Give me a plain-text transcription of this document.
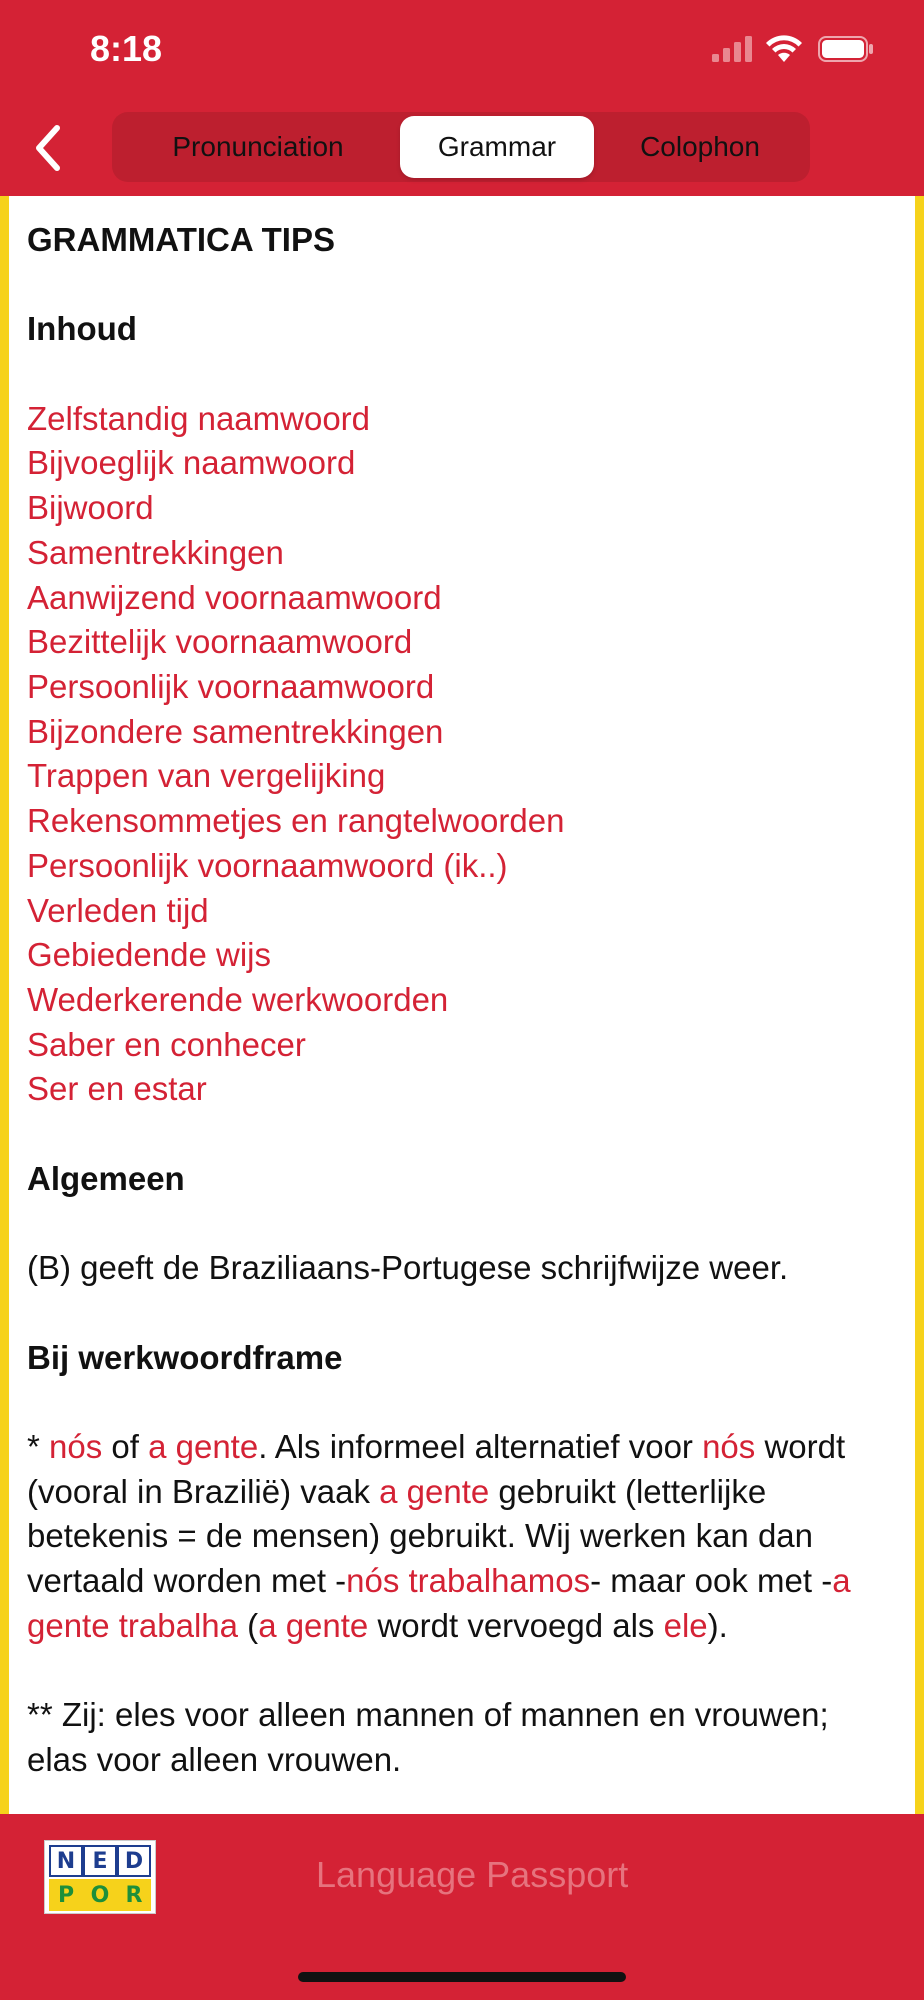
8:18
Pronunciation	Grammar	Colophon

GRAMMATICA TIPS

Inhoud

Zelfstandig naamwoord
Bijvoeglijk naamwoord
Bijwoord
Samentrekkingen
Aanwijzend voornaamwoord
Bezittelijk voornaamwoord
Persoonlijk voornaamwoord
Bijzondere samentrekkingen
Trappen van vergelijking
Rekensommetjes en rangtelwoorden
Persoonlijk voornaamwoord (ik..)
Verleden tijd
Gebiedende wijs
Wederkerende werkwoorden
Saber en conhecer
Ser en estar

Algemeen

(B) geeft de Braziliaans-Portugese schrijfwijze weer.

Bij werkwoordframe

* nós of a gente. Als informeel alternatief voor nós wordt (vooral in Brazilië) vaak a gente gebruikt (letterlijke betekenis = de mensen) gebruikt. Wij werken kan dan vertaald worden met -nós trabalhamos- maar ook met -a gente trabalha (a gente wordt vervoegd als ele).

** Zij: eles voor alleen mannen of mannen en vrouwen; elas voor alleen vrouwen.

N E D
P O R	Language Passport
